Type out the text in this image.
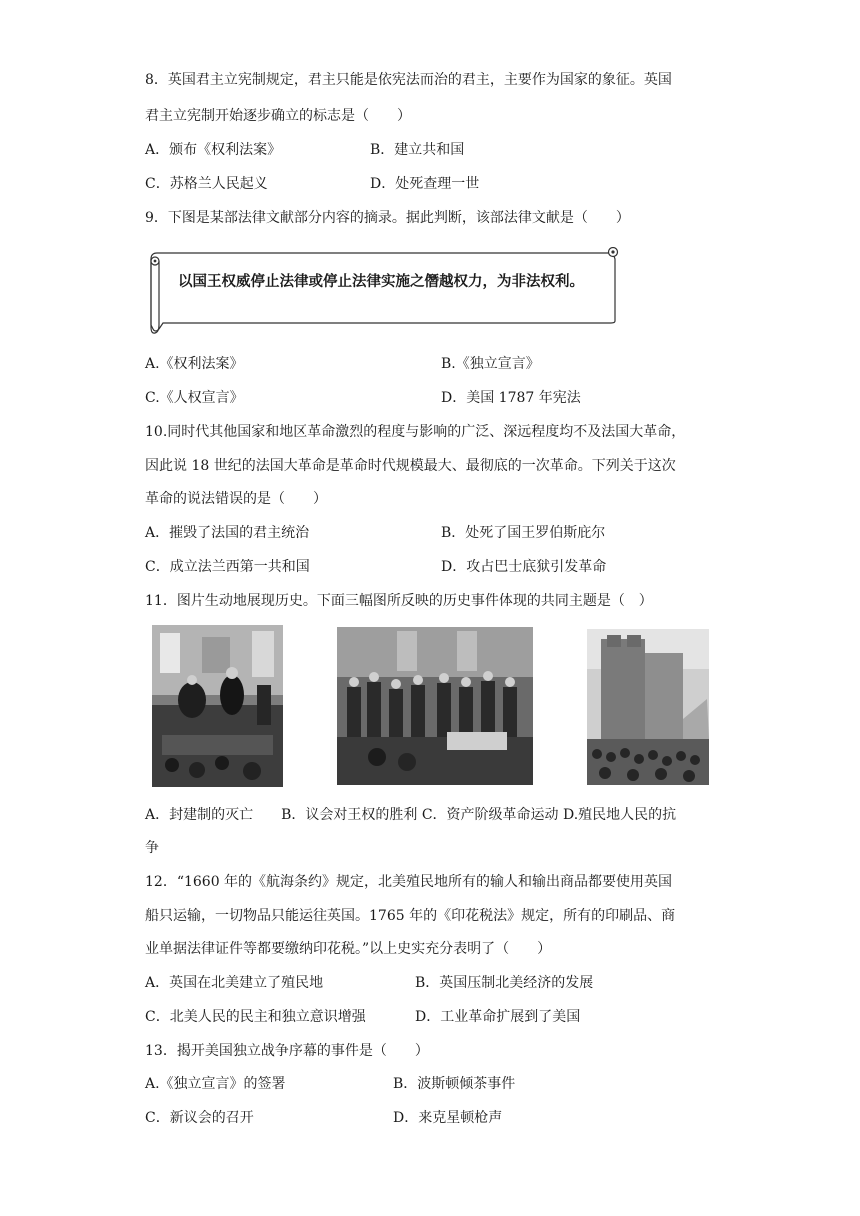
8．英国君主立宪制规定，君主只能是依宪法而治的君主，主要作为国家的象征。英国
君主立宪制开始逐步确立的标志是（　　）
A．颁布《权利法案》	B．建立共和国
C．苏格兰人民起义	D．处死查理一世
9．下图是某部法律文献部分内容的摘录。据此判断，该部法律文献是（　　）
以国王权威停止法律或停止法律实施之僭越权力，为非法权利。
A.《权利法案》	B.《独立宣言》
C.《人权宣言》	D．美国 1787 年宪法
10.同时代其他国家和地区革命激烈的程度与影响的广泛、深远程度均不及法国大革命，
因此说 18 世纪的法国大革命是革命时代规模最大、最彻底的一次革命。下列关于这次
革命的说法错误的是（　　）
A．摧毁了法国的君主统治	B．处死了国王罗伯斯庇尔
C．成立法兰西第一共和国	D．攻占巴士底狱引发革命
11．图片生动地展现历史。下面三幅图所反映的历史事件体现的共同主题是（　）
A．封建制的灭亡　　B．议会对王权的胜利 C．资产阶级革命运动 D.殖民地人民的抗
争
12．“1660 年的《航海条约》规定，北美殖民地所有的输人和输出商品都要使用英国
船只运输，一切物品只能运往英国。1765 年的《印花税法》规定，所有的印刷品、商
业单据法律证件等都要缴纳印花税。”以上史实充分表明了（　　）
A．英国在北美建立了殖民地	B．英国压制北美经济的发展
C．北美人民的民主和独立意识增强	D．工业革命扩展到了美国
13．揭开美国独立战争序幕的事件是（　　）
A.《独立宣言》的签署	B．波斯顿倾茶事件
C．新议会的召开	D．来克星顿枪声
